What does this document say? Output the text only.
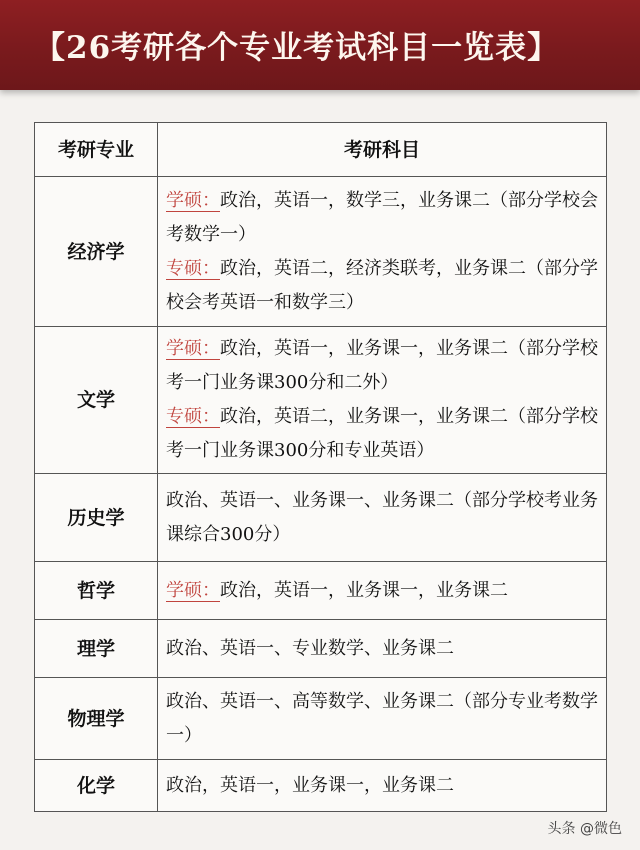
【26考研各个专业考试科目一览表】
考研专业	考研科目
经济学	学硕：政治，英语一，数学三，业务课二（部分学校会考数学一）
专硕：政治，英语二，经济类联考，业务课二（部分学校会考英语一和数学三）

文学	学硕：政治，英语一，业务课一，业务课二（部分学校考一门业务课300分和二外）
专硕：政治，英语二，业务课一，业务课二（部分学校考一门业务课300分和专业英语）

历史学	政治、英语一、业务课一、业务课二（部分学校考业务课综合300分）

哲学	学硕：政治，英语一，业务课一，业务课二

理学	政治、英语一、专业数学、业务课二

物理学	政治、英语一、高等数学、业务课二（部分专业考数学一）

化学	政治，英语一，业务课一，业务课二
头条 @微色
